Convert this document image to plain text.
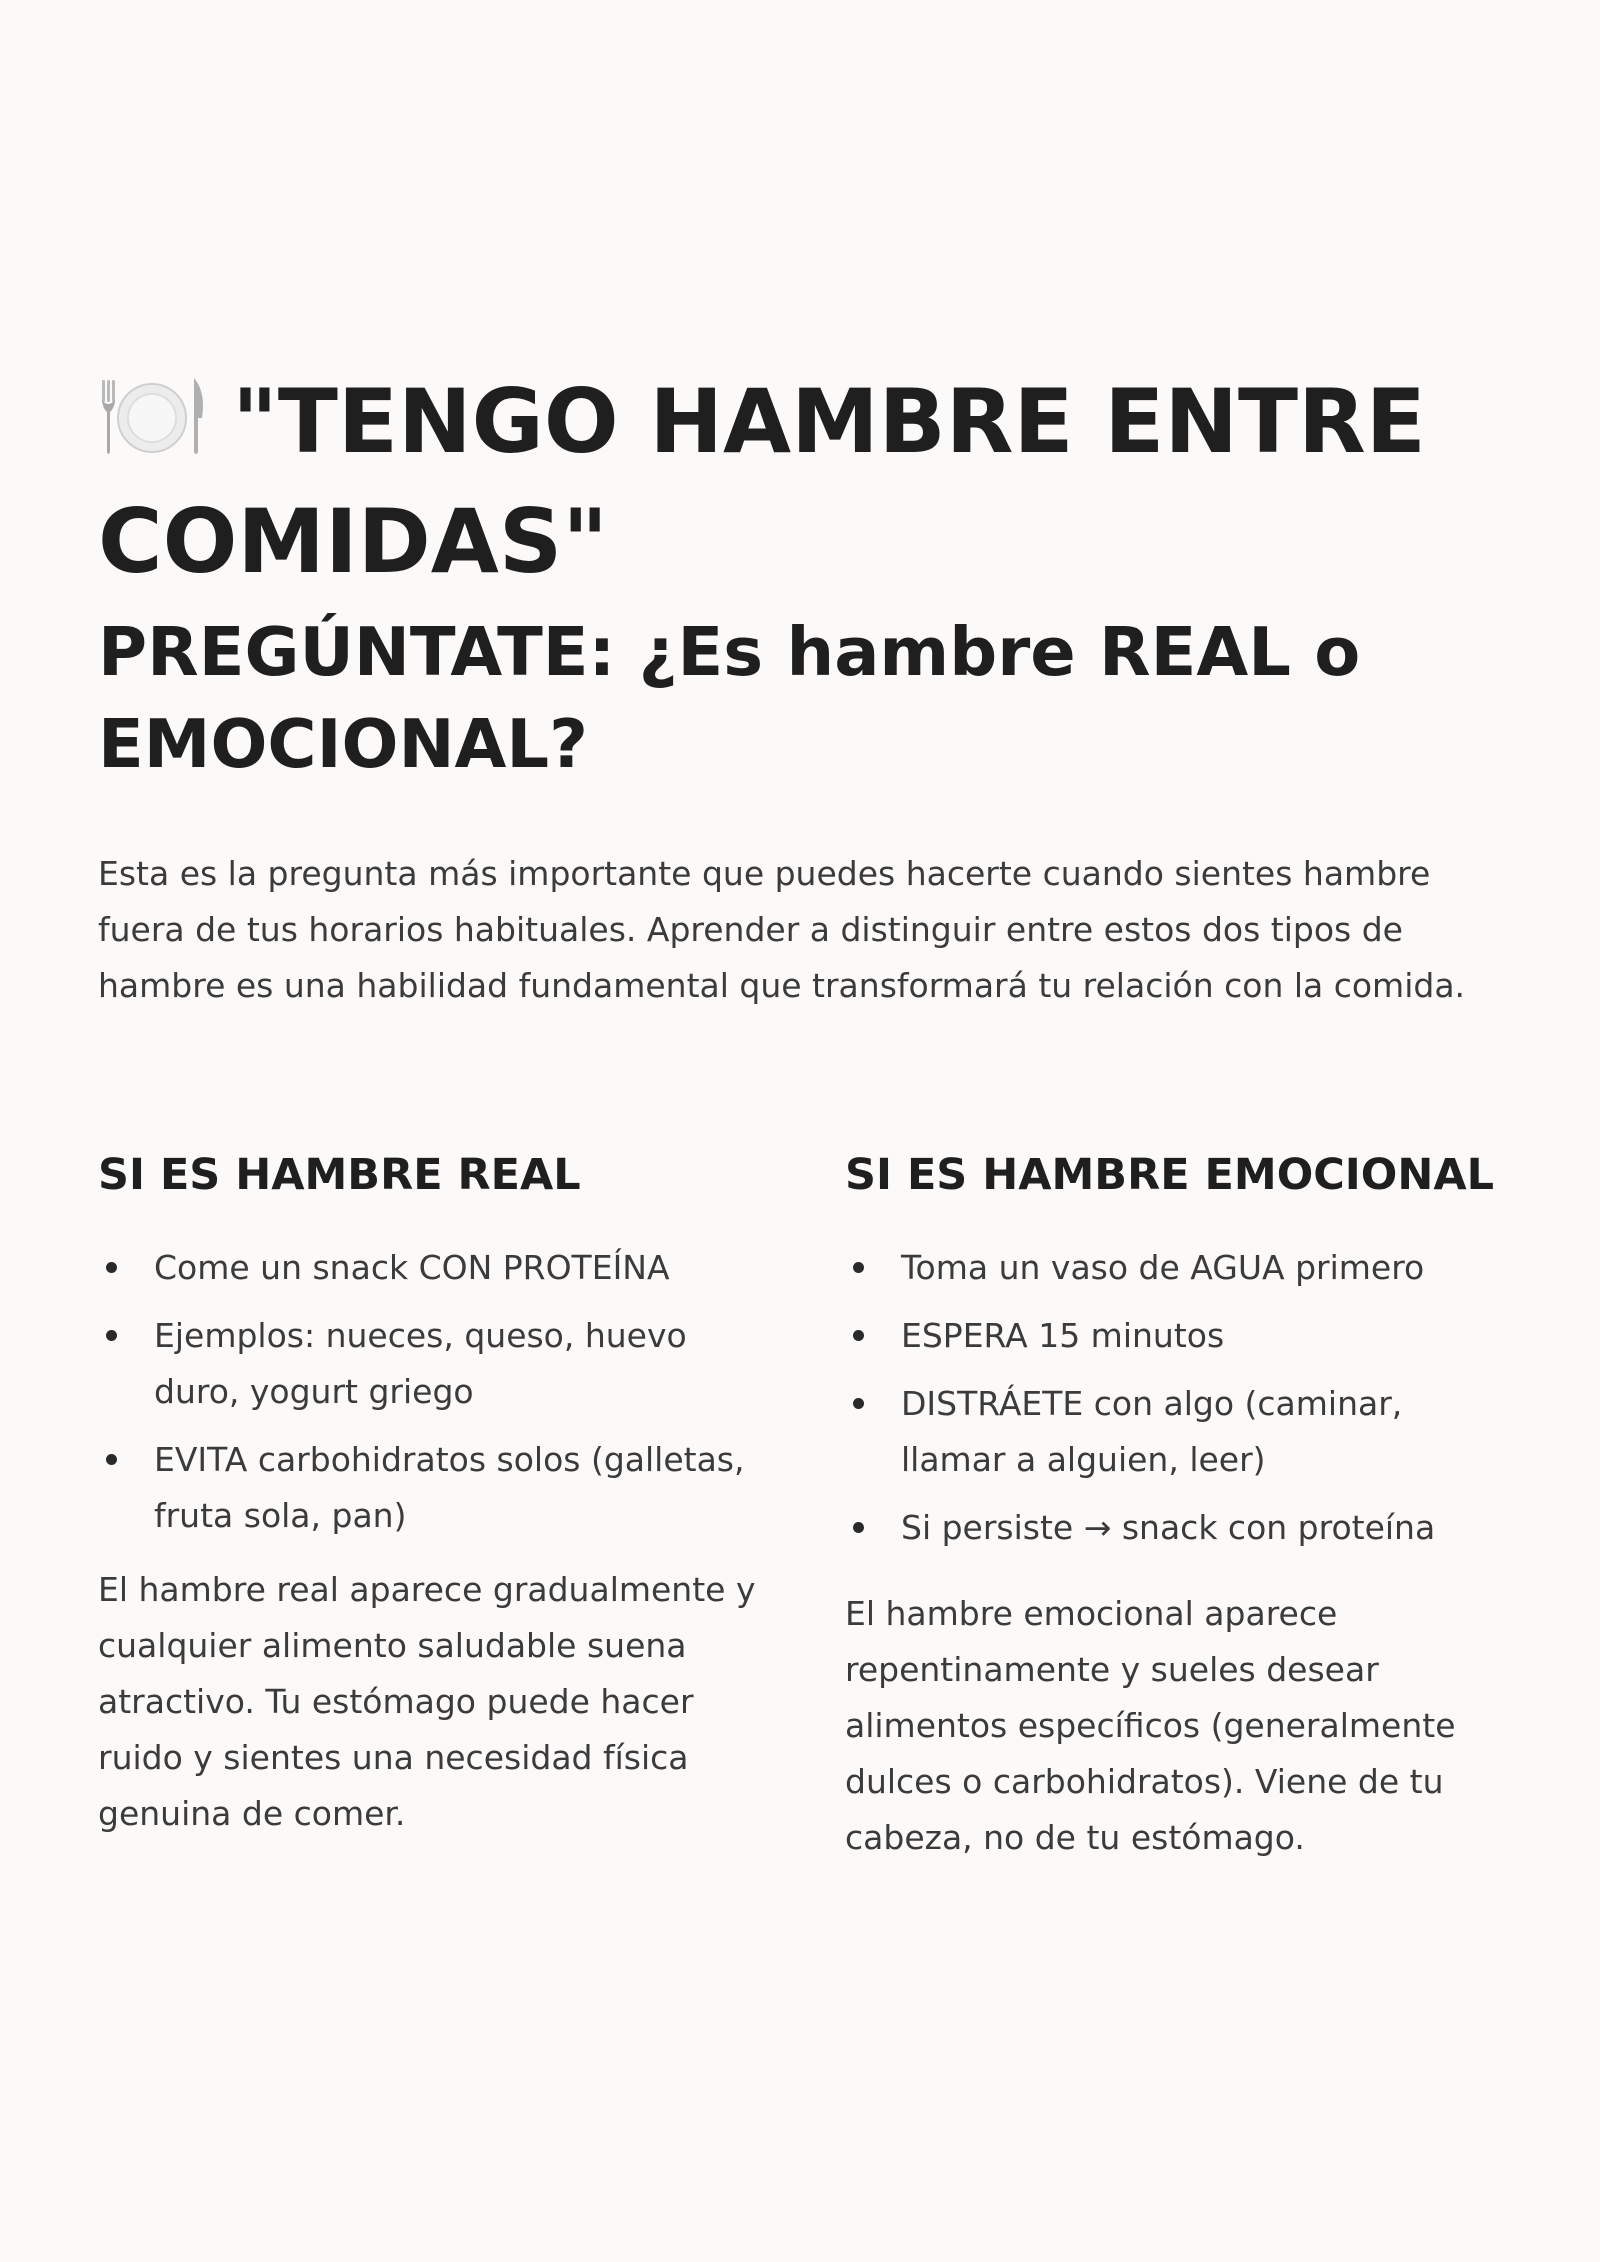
"TENGO HAMBRE ENTRE COMIDAS"
PREGÚNTATE: ¿Es hambre REAL o EMOCIONAL?

Esta es la pregunta más importante que puedes hacerte cuando sientes hambre fuera de tus horarios habituales. Aprender a distinguir entre estos dos tipos de hambre es una habilidad fundamental que transformará tu relación con la comida.

SI ES HAMBRE REAL
Come un snack CON PROTEÍNA
Ejemplos: nueces, queso, huevo duro, yogurt griego
EVITA carbohidratos solos (galletas, fruta sola, pan)

El hambre real aparece gradualmente y cualquier alimento saludable suena atractivo. Tu estómago puede hacer ruido y sientes una necesidad física genuina de comer.

SI ES HAMBRE EMOCIONAL
Toma un vaso de AGUA primero
ESPERA 15 minutos
DISTRÁETE con algo (caminar, llamar a alguien, leer)
Si persiste → snack con proteína

El hambre emocional aparece repentinamente y sueles desear alimentos específicos (generalmente dulces o carbohidratos). Viene de tu cabeza, no de tu estómago.
